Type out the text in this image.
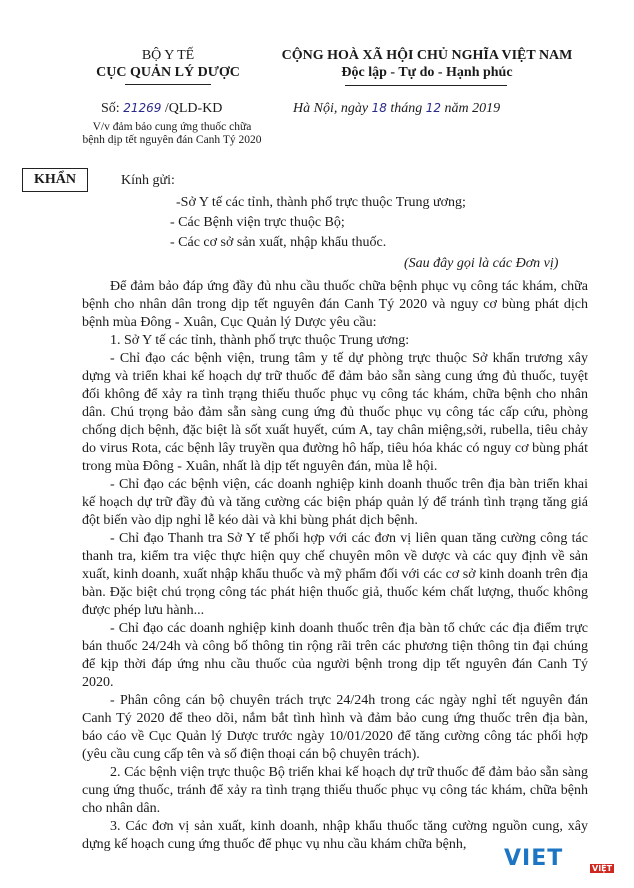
BỘ Y TẾ
CỤC QUẢN LÝ DƯỢC
CỘNG HOÀ XÃ HỘI CHỦ NGHĨA VIỆT NAM
Độc lập - Tự do - Hạnh phúc
Số: 21269 /QLD-KD	Hà Nội, ngày 18 tháng 12 năm 2019
V/v đảm bảo cung ứng thuốc chữa bệnh dịp tết nguyên đán Canh Tý 2020
KHẨN	Kính gửi:
-Sở Y tế các tỉnh, thành phố trực thuộc Trung ương;
- Các Bệnh viện trực thuộc Bộ;
- Các cơ sở sản xuất, nhập khẩu thuốc.
(Sau đây gọi là các Đơn vị)

Để đảm bảo đáp ứng đầy đủ nhu cầu thuốc chữa bệnh phục vụ công tác khám, chữa bệnh cho nhân dân trong dịp tết nguyên đán Canh Tý 2020 và nguy cơ bùng phát dịch bệnh mùa Đông - Xuân, Cục Quản lý Dược yêu cầu:

1. Sở Y tế các tỉnh, thành phố trực thuộc Trung ương:

- Chỉ đạo các bệnh viện, trung tâm y tế dự phòng trực thuộc Sở khẩn trương xây dựng và triển khai kế hoạch dự trữ thuốc để đảm bảo sẵn sàng cung ứng đủ thuốc, tuyệt đối không để xảy ra tình trạng thiếu thuốc phục vụ công tác khám, chữa bệnh cho nhân dân. Chú trọng bảo đảm sẵn sàng cung ứng đủ thuốc phục vụ công tác cấp cứu, phòng chống dịch bệnh, đặc biệt là sốt xuất huyết, cúm A, tay chân miệng,sởi, rubella, tiêu chảy do virus Rota, các bệnh lây truyền qua đường hô hấp, tiêu hóa khác có nguy cơ bùng phát trong mùa Đông - Xuân, nhất là dịp tết nguyên đán, mùa lễ hội.

- Chỉ đạo các bệnh viện, các doanh nghiệp kinh doanh thuốc trên địa bàn triển khai kế hoạch dự trữ đầy đủ và tăng cường các biện pháp quản lý để tránh tình trạng tăng giá đột biến vào dịp nghỉ lễ kéo dài và khi bùng phát dịch bệnh.

- Chỉ đạo Thanh tra Sở Y tế phối hợp với các đơn vị liên quan tăng cường công tác thanh tra, kiểm tra việc thực hiện quy chế chuyên môn về dược và các quy định về sản xuất, kinh doanh, xuất nhập khẩu thuốc và mỹ phẩm đối với các cơ sở kinh doanh trên địa bàn. Đặc biệt chú trọng công tác phát hiện thuốc giả, thuốc kém chất lượng, thuốc không được phép lưu hành...

- Chỉ đạo các doanh nghiệp kinh doanh thuốc trên địa bàn tổ chức các địa điểm trực bán thuốc 24/24h và công bố thông tin rộng rãi trên các phương tiện thông tin đại chúng để kịp thời đáp ứng nhu cầu thuốc của người bệnh trong dịp tết nguyên đán Canh Tý 2020.

- Phân công cán bộ chuyên trách trực 24/24h trong các ngày nghỉ tết nguyên đán Canh Tý 2020 để theo dõi, nắm bắt tình hình và đảm bảo cung ứng thuốc trên địa bàn, báo cáo về Cục Quản lý Dược trước ngày 10/01/2020 để tăng cường công tác phối hợp (yêu cầu cung cấp tên và số điện thoại cán bộ chuyên trách).

2. Các bệnh viện trực thuộc Bộ triển khai kế hoạch dự trữ thuốc để đảm bảo sẵn sàng cung ứng thuốc, tránh để xảy ra tình trạng thiếu thuốc phục vụ công tác khám, chữa bệnh cho nhân dân.

3. Các đơn vị sản xuất, kinh doanh, nhập khẩu thuốc tăng cường nguồn cung, xây dựng kế hoạch cung ứng thuốc để phục vụ nhu cầu khám chữa bệnh,

VIET	VIỆT
